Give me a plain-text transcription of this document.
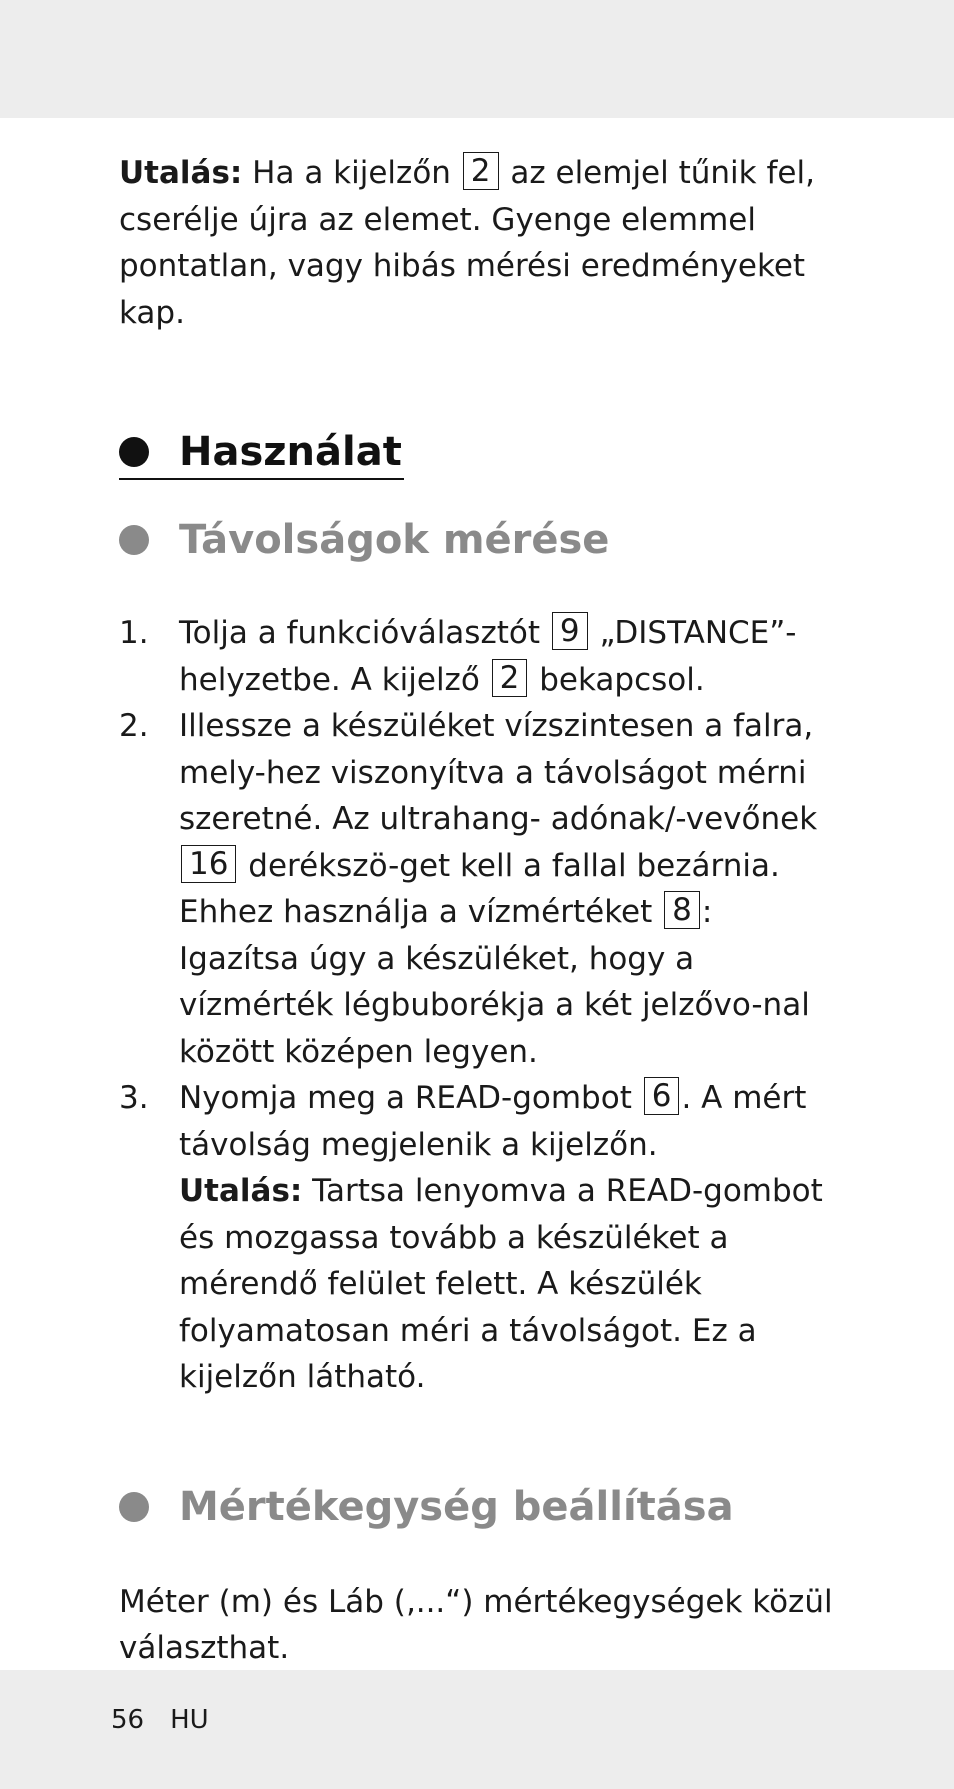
Utalás: Ha a kijelzőn 2 az elemjel tűnik fel, cserélje újra az elemet. Gyenge elemmel pontatlan, vagy hibás mérési eredményeket kap.

Használat
Távolságok mérése
1. Tolja a funkcióválasztót 9 „DISTANCE”- helyzetbe. A kijelző 2 bekapcsol.
2. Illessze a készüléket vízszintesen a falra, mely-hez viszonyítva a távolságot mérni szeretné. Az ultrahang- adónak/-vevőnek 16 derékszö-get kell a fallal bezárnia. Ehhez használja a vízmértéket 8 : Igazítsa úgy a készüléket, hogy a vízmérték légbuborékja a két jelzővo-nal között középen legyen.
3. Nyomja meg a READ-gombot 6 . A mért távolság megjelenik a kijelzőn.
Utalás: Tartsa lenyomva a READ-gombot és mozgassa tovább a készüléket a mérendő felület felett. A készülék folyamatosan méri a távolságot. Ez a kijelzőn látható.
Mértékegység beállítása

Méter (m) és Láb (‚...“) mértékegységek közül választhat.

56 HU
